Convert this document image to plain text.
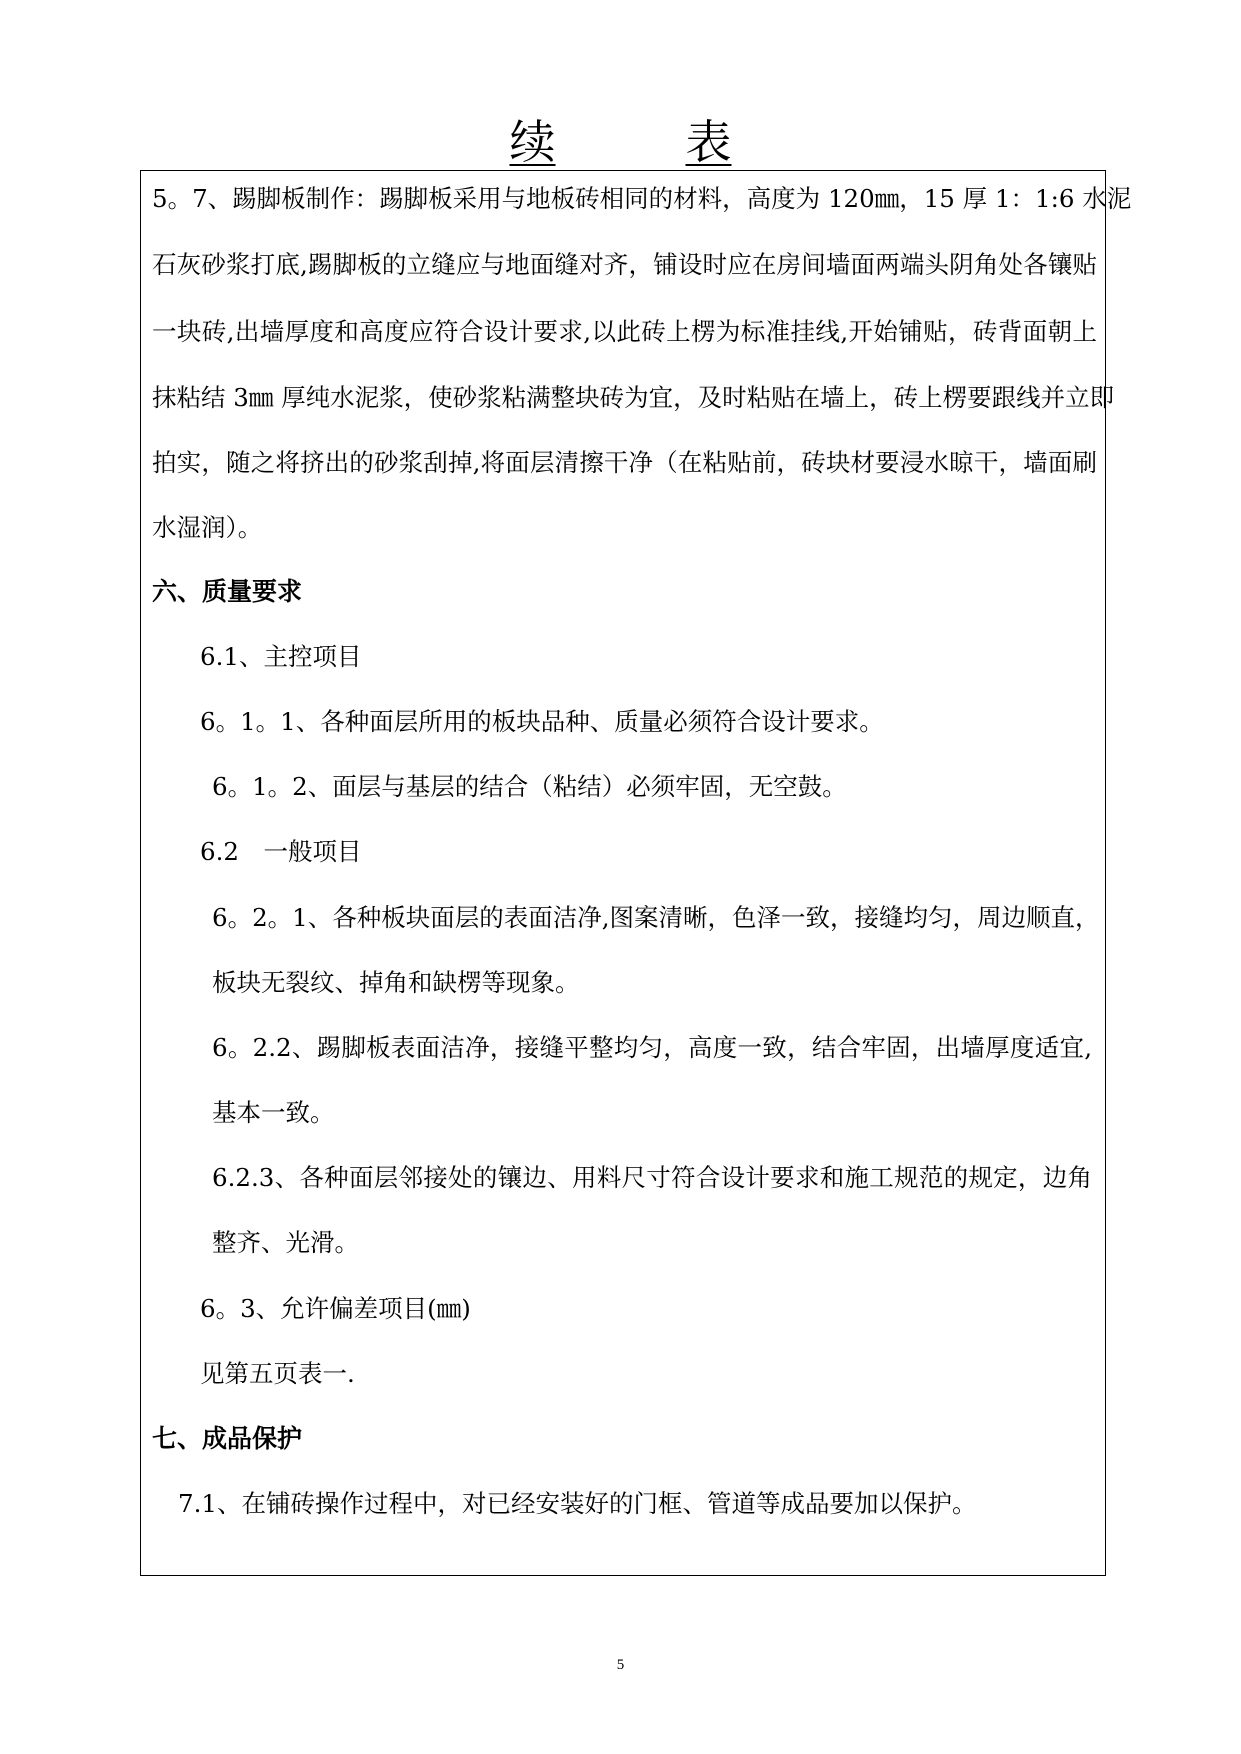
续	表
5。7、踢脚板制作：踢脚板采用与地板砖相同的材料，高度为 120㎜，15 厚 1：1:6 水泥
石灰砂浆打底,踢脚板的立缝应与地面缝对齐，铺设时应在房间墙面两端头阴角处各镶贴
一块砖,出墙厚度和高度应符合设计要求,以此砖上楞为标准挂线,开始铺贴，砖背面朝上
抹粘结 3㎜ 厚纯水泥浆，使砂浆粘满整块砖为宜，及时粘贴在墙上，砖上楞要跟线并立即
拍实，随之将挤出的砂浆刮掉,将面层清擦干净（在粘贴前，砖块材要浸水晾干，墙面刷
水湿润）。
六、质量要求
6.1、主控项目
6。1。1、各种面层所用的板块品种、质量必须符合设计要求。
6。1。2、面层与基层的结合（粘结）必须牢固，无空鼓。
6.2　一般项目
6。2。1、各种板块面层的表面洁净,图案清晰，色泽一致，接缝均匀，周边顺直，
板块无裂纹、掉角和缺楞等现象。
6。2.2、踢脚板表面洁净，接缝平整均匀，高度一致，结合牢固，出墙厚度适宜,
基本一致。
6.2.3、各种面层邻接处的镶边、用料尺寸符合设计要求和施工规范的规定，边角
整齐、光滑。
6。3、允许偏差项目(㎜)
见第五页表一.
七、成品保护
7.1、在铺砖操作过程中，对已经安装好的门框、管道等成品要加以保护。
5
